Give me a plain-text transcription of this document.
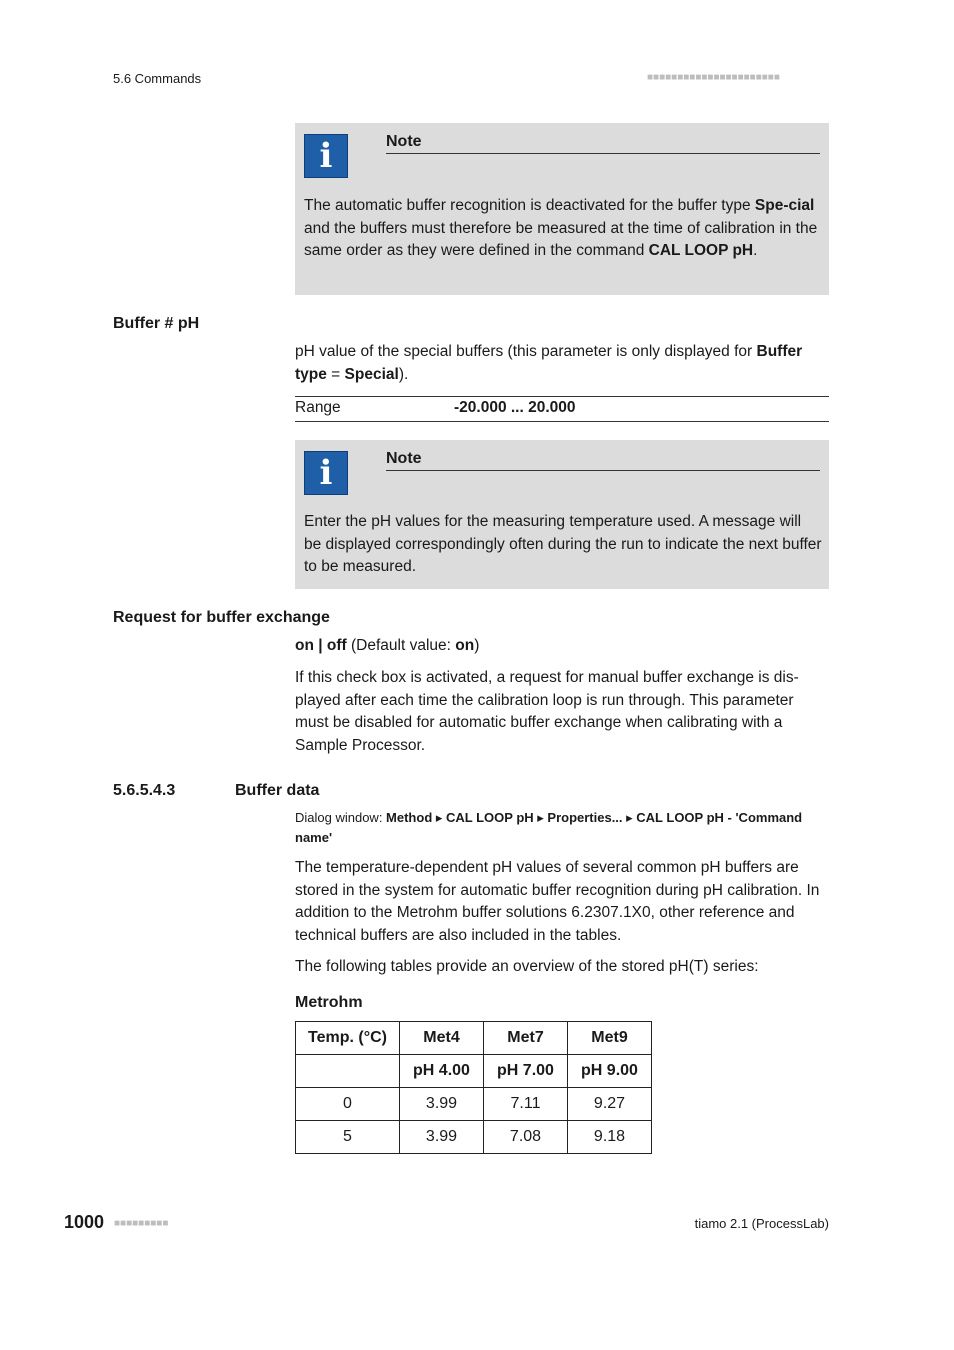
5.6 Commands	■■■■■■■■■■■■■■■■■■■■■■
i	Note
The automatic buffer recognition is deactivated for the buffer type Spe-cial and the buffers must therefore be measured at the time of calibration in the same order as they were defined in the command CAL LOOP pH.
Buffer # pH
pH value of the special buffers (this parameter is only displayed for Buffer type = Special).
Range	-20.000 ... 20.000
i	Note
Enter the pH values for the measuring temperature used. A message will be displayed correspondingly often during the run to indicate the next buffer to be measured.
Request for buffer exchange
on | off (Default value: on)
If this check box is activated, a request for manual buffer exchange is dis-played after each time the calibration loop is run through. This parameter must be disabled for automatic buffer exchange when calibrating with a Sample Processor.
5.6.5.4.3	Buffer data
Dialog window: Method ▸ CAL LOOP pH ▸ Properties... ▸ CAL LOOP pH - 'Command name'
The temperature-dependent pH values of several common pH buffers are stored in the system for automatic buffer recognition during pH calibration. In addition to the Metrohm buffer solutions 6.2307.1X0, other reference and technical buffers are also included in the tables.
The following tables provide an overview of the stored pH(T) series:
Metrohm
Temp. (°C)	Met4	Met7	Met9
	pH 4.00	pH 7.00	pH 9.00
0	3.99	7.11	9.27
5	3.99	7.08	9.18
1000 ■■■■■■■■■	tiamo 2.1 (ProcessLab)
